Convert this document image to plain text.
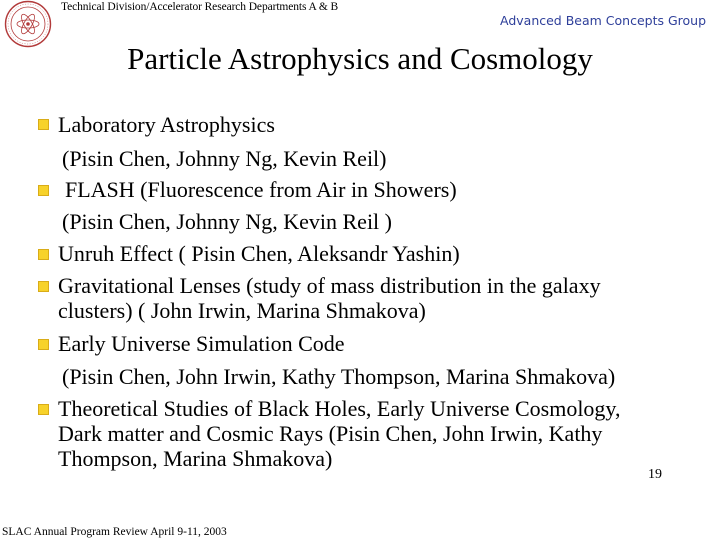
Technical Division/Accelerator Research Departments A & B
Advanced Beam Concepts Group
Particle Astrophysics and Cosmology
Laboratory Astrophysics
(Pisin Chen, Johnny Ng, Kevin Reil)
FLASH (Fluorescence from Air in Showers)
(Pisin Chen, Johnny Ng, Kevin Reil )
Unruh Effect ( Pisin Chen, Aleksandr Yashin)
Gravitational Lenses (study of mass distribution in the galaxy
clusters) ( John Irwin, Marina Shmakova)
Early Universe Simulation Code
(Pisin Chen, John Irwin, Kathy Thompson, Marina Shmakova)
Theoretical Studies of Black Holes, Early Universe Cosmology,
Dark matter and Cosmic Rays (Pisin Chen, John Irwin, Kathy
Thompson, Marina Shmakova)
19
SLAC Annual Program Review April 9-11, 2003
